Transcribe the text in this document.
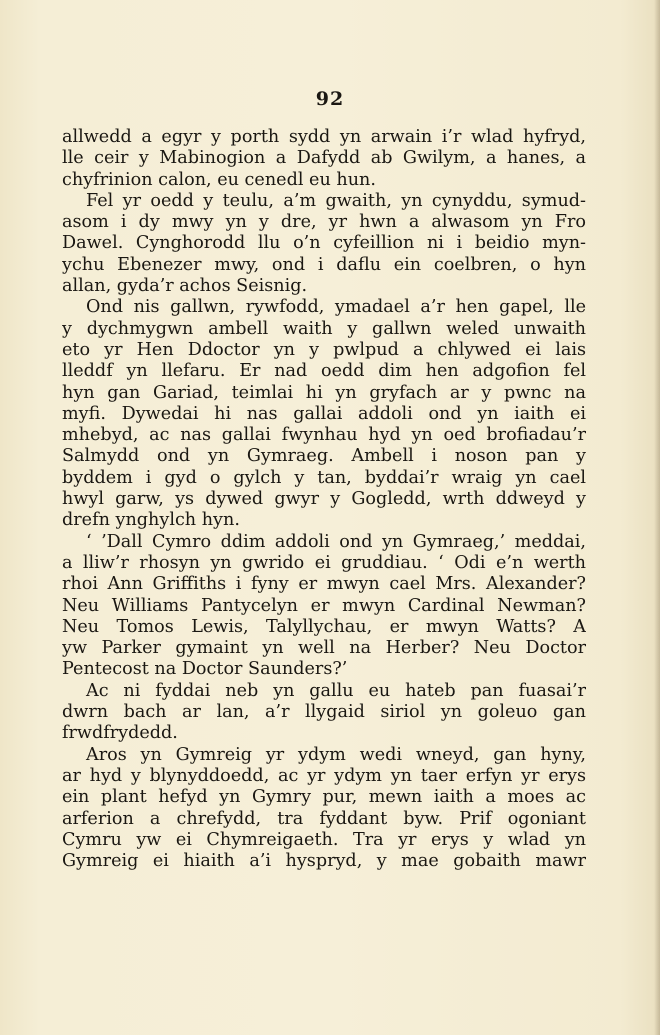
92
allwedd a egyr y porth sydd yn arwain i’r wlad hyfryd,
lle ceir y Mabinogion a Dafydd ab Gwilym, a hanes, a
chyfrinion calon, eu cenedl eu hun.
Fel yr oedd y teulu, a’m gwaith, yn cynyddu, symud-
asom i dy mwy yn y dre, yr hwn a alwasom yn Fro
Dawel. Cynghorodd llu o’n cyfeillion ni i beidio myn-
ychu Ebenezer mwy, ond i daflu ein coelbren, o hyn
allan, gyda’r achos Seisnig.
Ond nis gallwn, rywfodd, ymadael a’r hen gapel, lle
y dychmygwn ambell waith y gallwn weled unwaith
eto yr Hen Ddoctor yn y pwlpud a chlywed ei lais
lleddf yn llefaru. Er nad oedd dim hen adgofion fel
hyn gan Gariad, teimlai hi yn gryfach ar y pwnc na
myfi. Dywedai hi nas gallai addoli ond yn iaith ei
mhebyd, ac nas gallai fwynhau hyd yn oed brofiadau’r
Salmydd ond yn Gymraeg. Ambell i noson pan y
byddem i gyd o gylch y tan, byddai’r wraig yn cael
hwyl garw, ys dywed gwyr y Gogledd, wrth ddweyd y
drefn ynghylch hyn.
‘ ’Dall Cymro ddim addoli ond yn Gymraeg,’ meddai,
a lliw’r rhosyn yn gwrido ei gruddiau. ‘ Odi e’n werth
rhoi Ann Griffiths i fyny er mwyn cael Mrs. Alexander?
Neu Williams Pantycelyn er mwyn Cardinal Newman?
Neu Tomos Lewis, Talyllychau, er mwyn Watts? A
yw Parker gymaint yn well na Herber? Neu Doctor
Pentecost na Doctor Saunders?’
Ac ni fyddai neb yn gallu eu hateb pan fuasai’r
dwrn bach ar lan, a’r llygaid siriol yn goleuo gan
frwdfrydedd.
Aros yn Gymreig yr ydym wedi wneyd, gan hyny,
ar hyd y blynyddoedd, ac yr ydym yn taer erfyn yr erys
ein plant hefyd yn Gymry pur, mewn iaith a moes ac
arferion a chrefydd, tra fyddant byw. Prif ogoniant
Cymru yw ei Chymreigaeth. Tra yr erys y wlad yn
Gymreig ei hiaith a’i hyspryd, y mae gobaith mawr
